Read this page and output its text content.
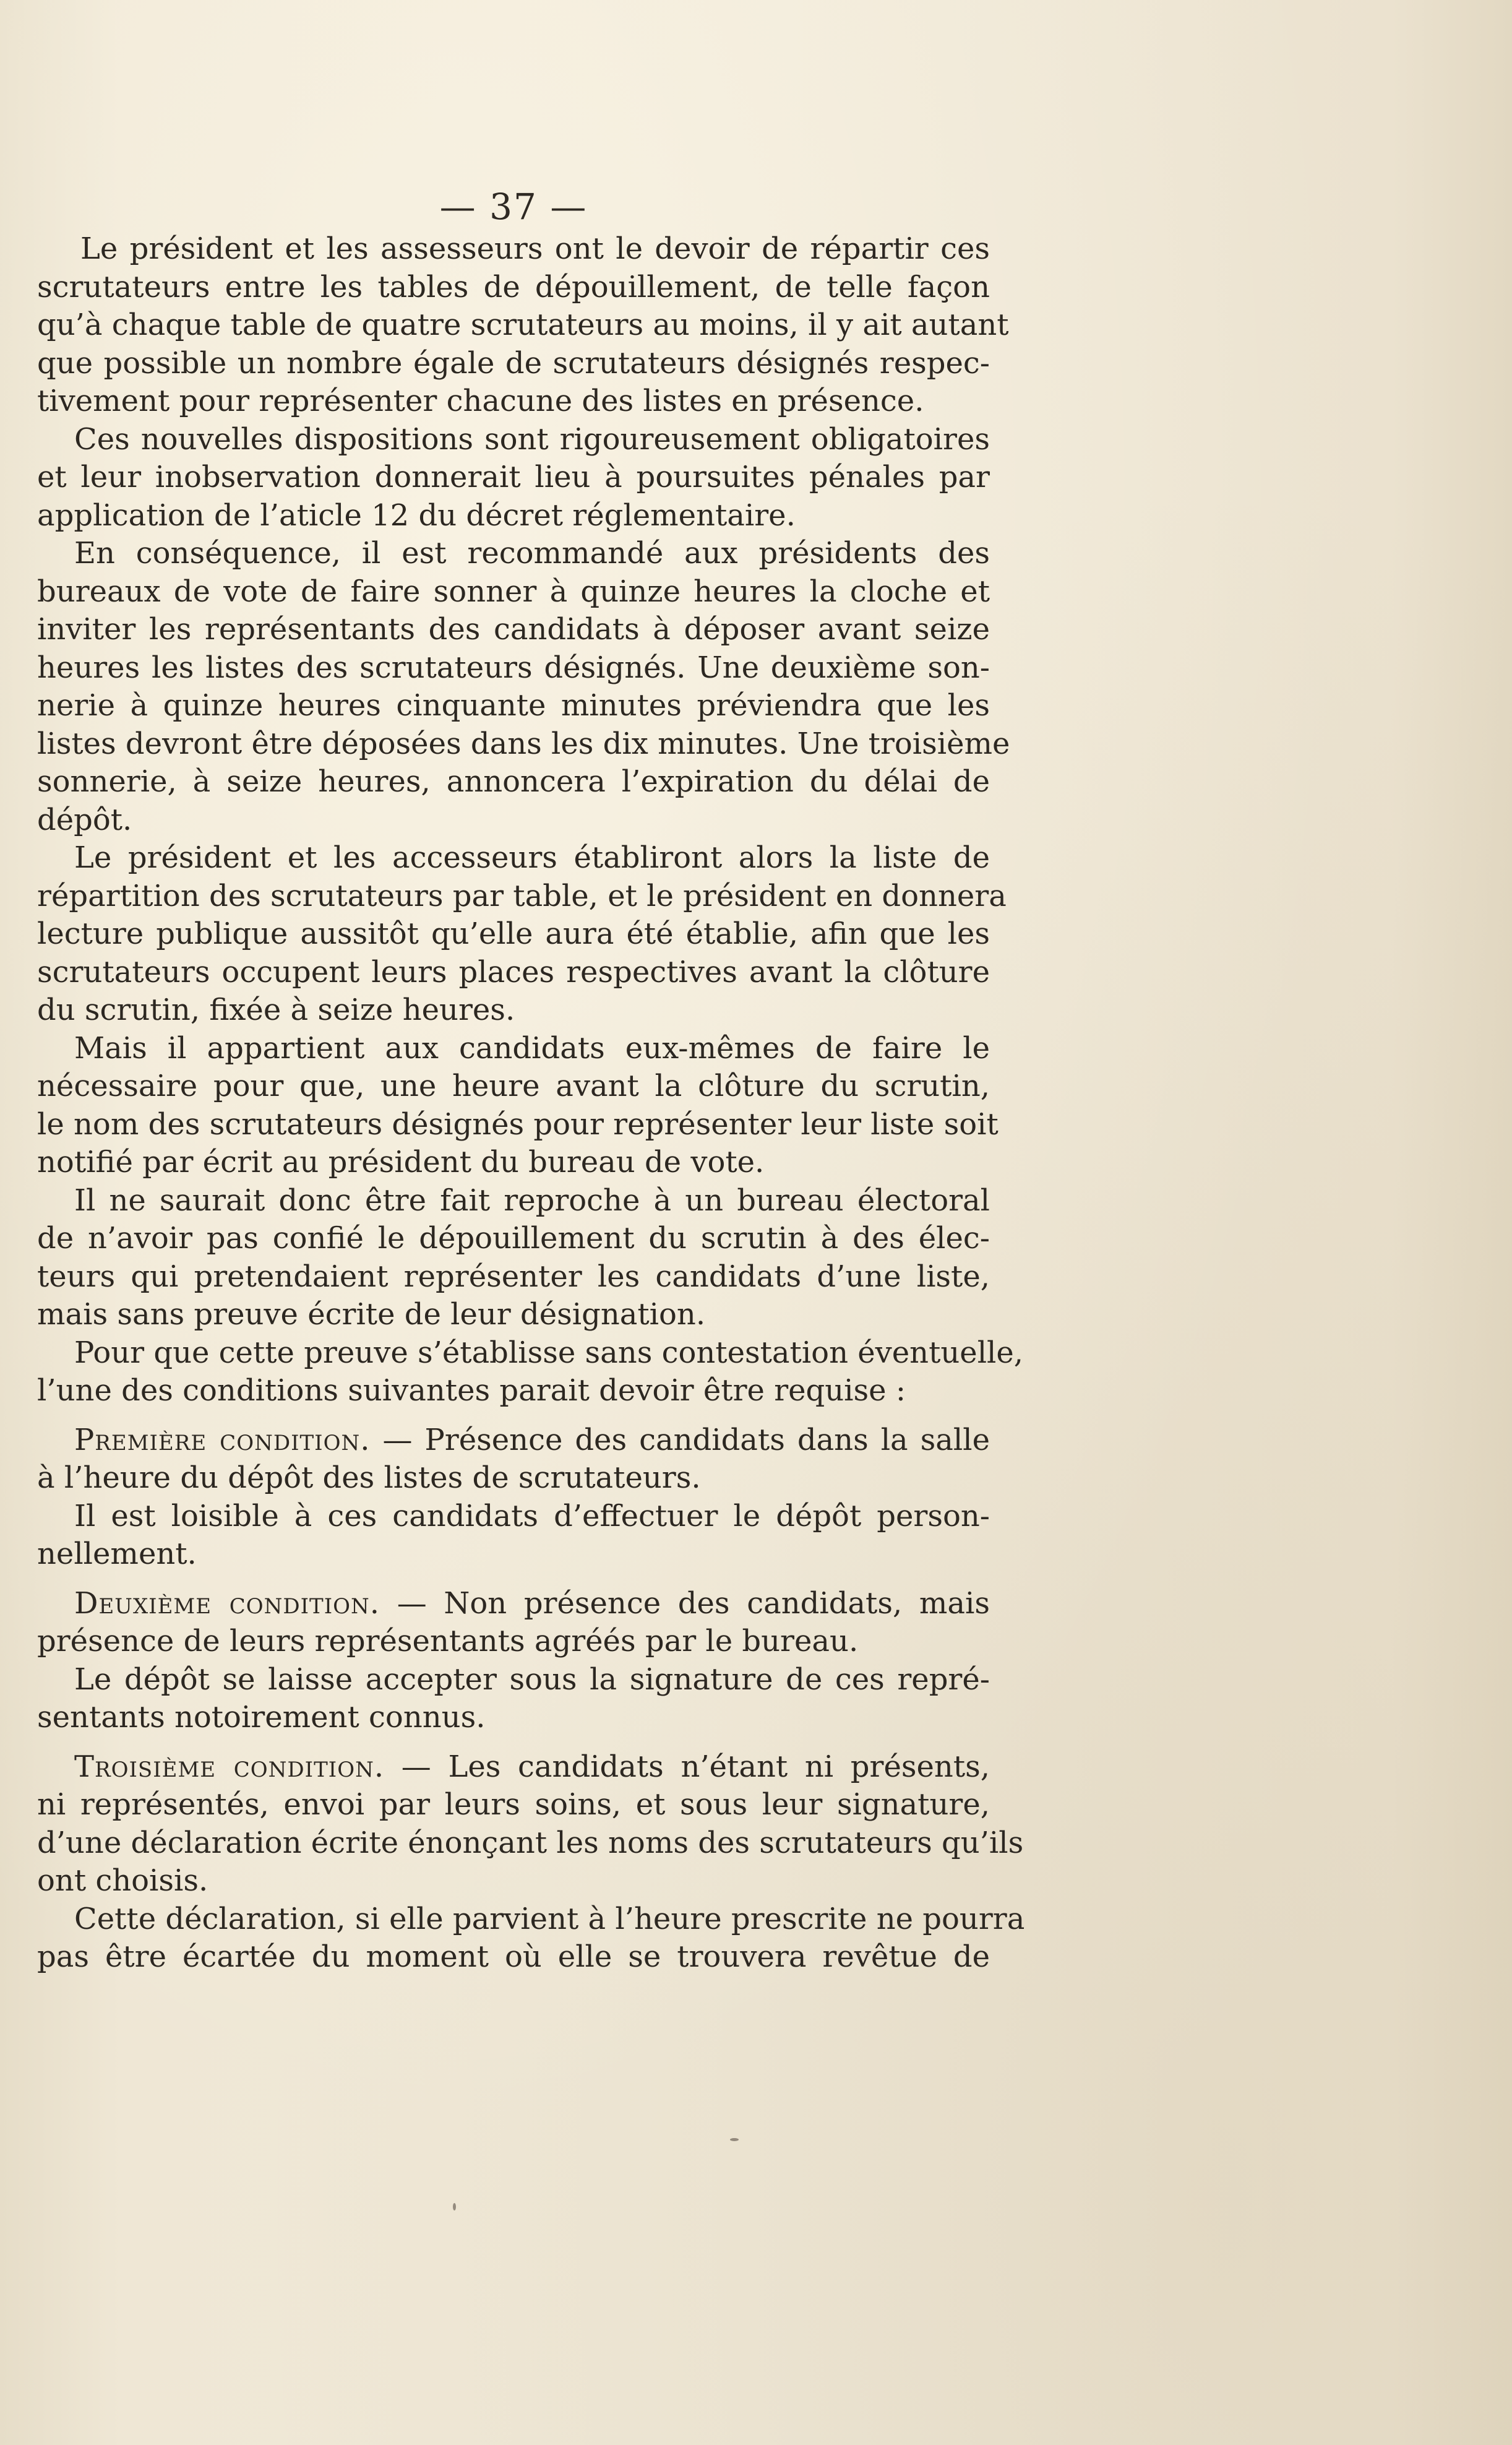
— 37 —
Le président et les assesseurs ont le devoir de répartir ces
scrutateurs entre les tables de dépouillement, de telle façon
qu’à chaque table de quatre scrutateurs au moins, il y ait autant
que possible un nombre égale de scrutateurs désignés respec-
tivement pour représenter chacune des listes en présence.
Ces nouvelles dispositions sont rigoureusement obligatoires
et leur inobservation donnerait lieu à poursuites pénales par
application de l’aticle 12 du décret réglementaire.
En conséquence, il est recommandé aux présidents des
bureaux de vote de faire sonner à quinze heures la cloche et
inviter les représentants des candidats à déposer avant seize
heures les listes des scrutateurs désignés. Une deuxième son-
nerie à quinze heures cinquante minutes préviendra que les
listes devront être déposées dans les dix minutes. Une troisième
sonnerie, à seize heures, annoncera l’expiration du délai de
dépôt.
Le président et les accesseurs établiront alors la liste de
répartition des scrutateurs par table, et le président en donnera
lecture publique aussitôt qu’elle aura été établie, afin que les
scrutateurs occupent leurs places respectives avant la clôture
du scrutin, fixée à seize heures.
Mais il appartient aux candidats eux-mêmes de faire le
nécessaire pour que, une heure avant la clôture du scrutin,
le nom des scrutateurs désignés pour représenter leur liste soit
notifié par écrit au président du bureau de vote.
Il ne saurait donc être fait reproche à un bureau électoral
de n’avoir pas confié le dépouillement du scrutin à des élec-
teurs qui pretendaient représenter les candidats d’une liste,
mais sans preuve écrite de leur désignation.
Pour que cette preuve s’établisse sans contestation éventuelle,
l’une des conditions suivantes parait devoir être requise :
Première condition. — Présence des candidats dans la salle
à l’heure du dépôt des listes de scrutateurs.
Il est loisible à ces candidats d’effectuer le dépôt person-
nellement.
Deuxième condition. — Non présence des candidats, mais
présence de leurs représentants agréés par le bureau.
Le dépôt se laisse accepter sous la signature de ces repré-
sentants notoirement connus.
Troisième condition. — Les candidats n’étant ni présents,
ni représentés, envoi par leurs soins, et sous leur signature,
d’une déclaration écrite énonçant les noms des scrutateurs qu’ils
ont choisis.
Cette déclaration, si elle parvient à l’heure prescrite ne pourra
pas être écartée du moment où elle se trouvera revêtue de
